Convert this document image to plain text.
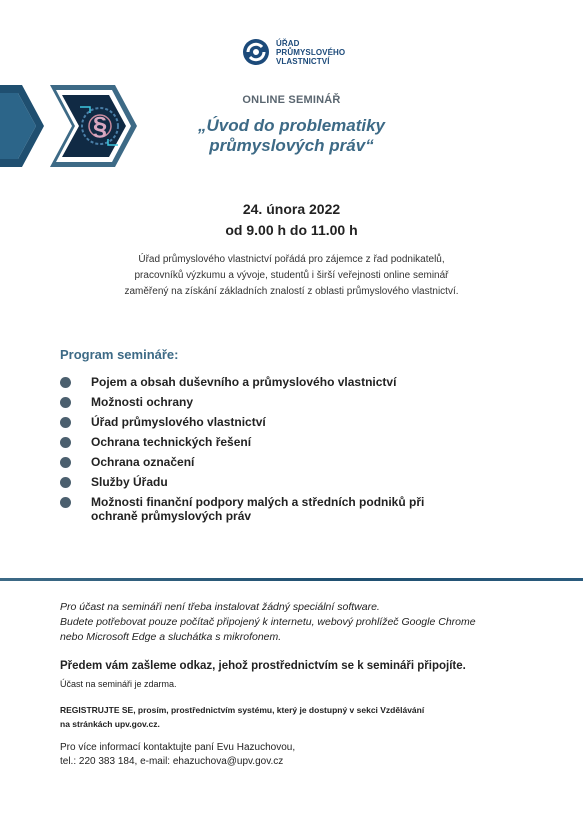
ÚŘAD
PRŮMYSLOVÉHO
VLASTNICTVÍ
§
ONLINE SEMINÁŘ
„Úvod do problematiky
průmyslových práv“
24. února 2022
od 9.00 h do 11.00 h
Úřad průmyslového vlastnictví pořádá pro zájemce z řad podnikatelů,
pracovníků výzkumu a vývoje, studentů i širší veřejnosti online seminář
zaměřený na získání základních znalostí z oblasti průmyslového vlastnictví.
Program semináře:
Pojem a obsah duševního a průmyslového vlastnictví
Možnosti ochrany
Úřad průmyslového vlastnictví
Ochrana technických řešení
Ochrana označení
Služby Úřadu
Možnosti finanční podpory malých a středních podniků při ochraně průmyslových práv
Pro účast na semináři není třeba instalovat žádný speciální software.
Budete potřebovat pouze počítač připojený k internetu, webový prohlížeč Google Chrome
nebo Microsoft Edge a sluchátka s mikrofonem.
Předem vám zašleme odkaz, jehož prostřednictvím se k semináři připojíte.
Účast na semináři je zdarma.
REGISTRUJTE SE, prosím, prostřednictvím systému, který je dostupný v sekci Vzdělávání
na stránkách upv.gov.cz.
Pro více informací kontaktujte paní Evu Hazuchovou,
tel.: 220 383 184, e-mail: ehazuchova@upv.gov.cz
